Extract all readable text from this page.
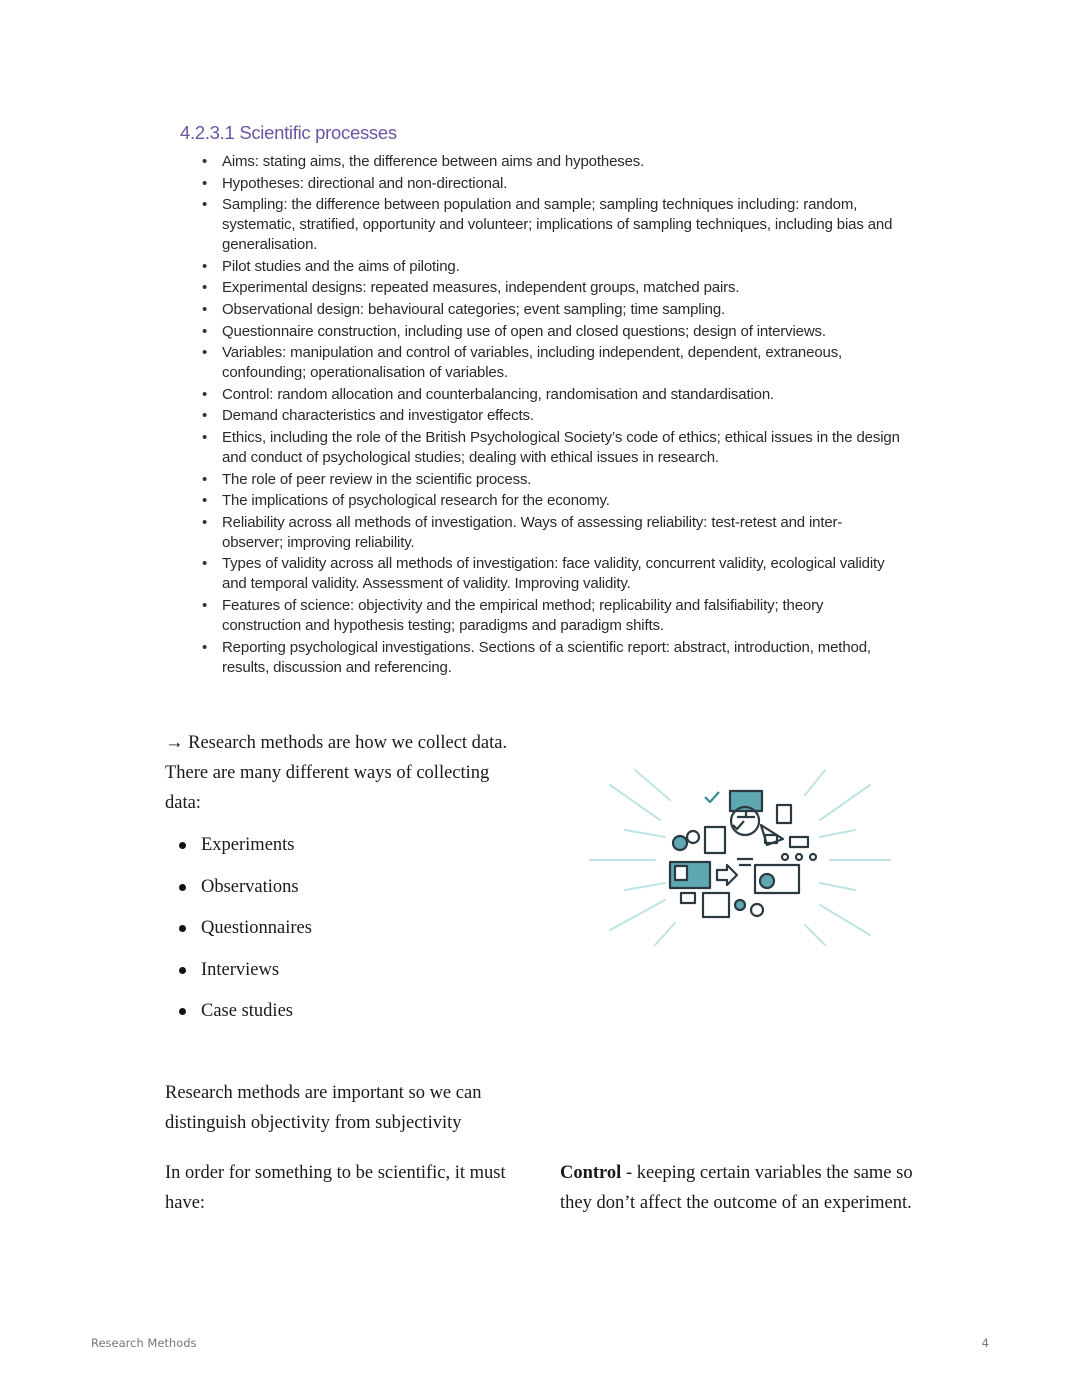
4.2.3.1 Scientific processes
• Aims: stating aims, the difference between aims and hypotheses.
• Hypotheses: directional and non-directional.
• Sampling: the difference between population and sample; sampling techniques including: random, systematic, stratified, opportunity and volunteer; implications of sampling techniques, including bias and generalisation.
• Pilot studies and the aims of piloting.
• Experimental designs: repeated measures, independent groups, matched pairs.
• Observational design: behavioural categories; event sampling; time sampling.
• Questionnaire construction, including use of open and closed questions; design of interviews.
• Variables: manipulation and control of variables, including independent, dependent, extraneous, confounding; operationalisation of variables.
• Control: random allocation and counterbalancing, randomisation and standardisation.
• Demand characteristics and investigator effects.
• Ethics, including the role of the British Psychological Society’s code of ethics; ethical issues in the design and conduct of psychological studies; dealing with ethical issues in research.
• The role of peer review in the scientific process.
• The implications of psychological research for the economy.
• Reliability across all methods of investigation. Ways of assessing reliability: test-retest and inter-observer; improving reliability.
• Types of validity across all methods of investigation: face validity, concurrent validity, ecological validity and temporal validity. Assessment of validity. Improving validity.
• Features of science: objectivity and the empirical method; replicability and falsifiability; theory construction and hypothesis testing; paradigms and paradigm shifts.
• Reporting psychological investigations. Sections of a scientific report: abstract, introduction, method, results, discussion and referencing.

→ Research methods are how we collect data. There are many different ways of collecting data:

Experiments
Observations
Questionnaires
Interviews
Case studies

Research methods are important so we can distinguish objectivity from subjectivity

In order for something to be scientific, it must have:

Control - keeping certain variables the same so they don’t affect the outcome of an experiment.

Research Methods	4
